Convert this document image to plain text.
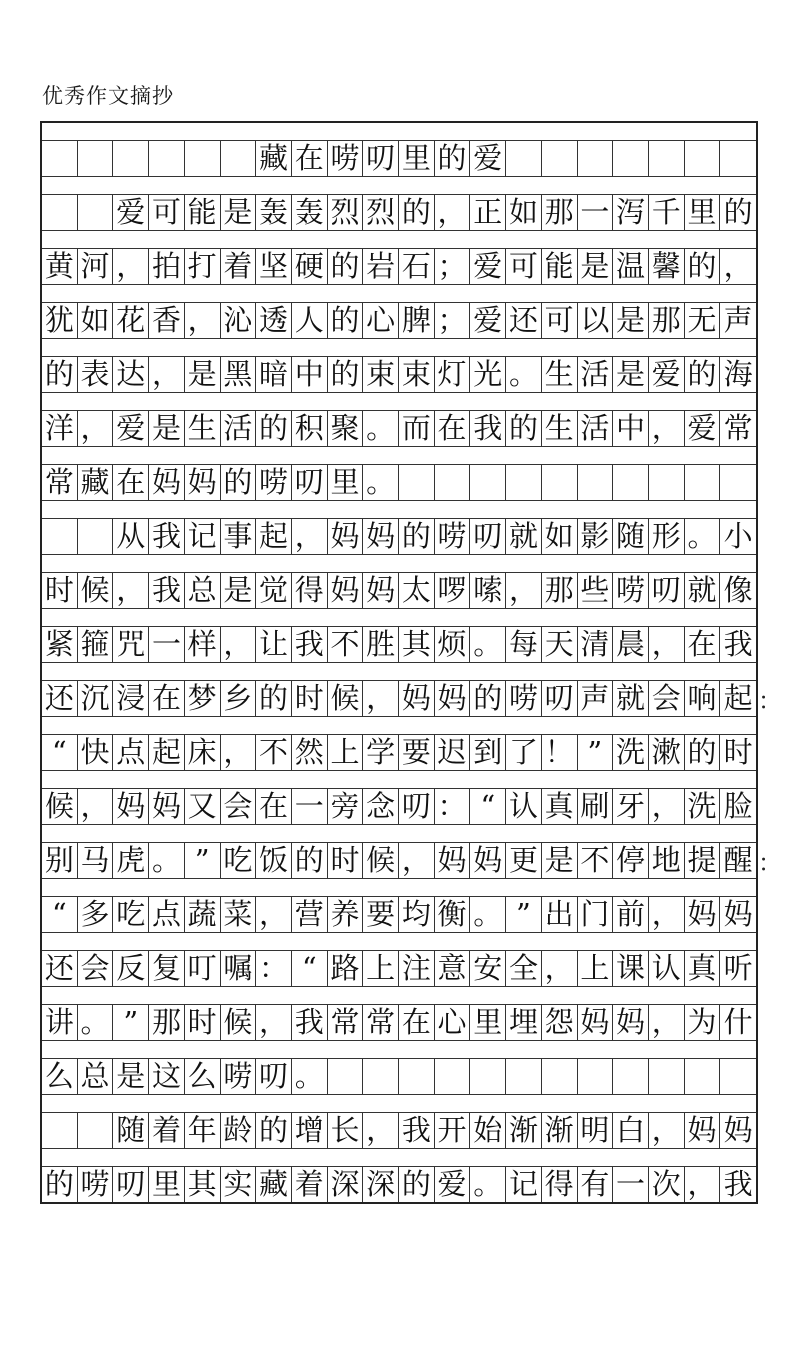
优秀作文摘抄
藏 在 唠 叨 里 的 爱
爱 可 能 是 轰 轰 烈 烈 的 ， 正 如 那 一 泻 千 里 的
黄 河 ， 拍 打 着 坚 硬 的 岩 石 ； 爱 可 能 是 温 馨 的 ，
犹 如 花 香 ， 沁 透 人 的 心 脾 ； 爱 还 可 以 是 那 无 声
的 表 达 ， 是 黑 暗 中 的 束 束 灯 光 。 生 活 是 爱 的 海
洋 ， 爱 是 生 活 的 积 聚 。 而 在 我 的 生 活 中 ， 爱 常
常 藏 在 妈 妈 的 唠 叨 里 。
从 我 记 事 起 ， 妈 妈 的 唠 叨 就 如 影 随 形 。 小
时 候 ， 我 总 是 觉 得 妈 妈 太 啰 嗦 ， 那 些 唠 叨 就 像
紧 箍 咒 一 样 ， 让 我 不 胜 其 烦 。 每 天 清 晨 ， 在 我
还 沉 浸 在 梦 乡 的 时 候 ， 妈 妈 的 唠 叨 声 就 会 响 起 ：
“ 快 点 起 床 ， 不 然 上 学 要 迟 到 了 ！ ” 洗 漱 的 时
候 ， 妈 妈 又 会 在 一 旁 念 叨 ： “ 认 真 刷 牙 ， 洗 脸
别 马 虎 。 ” 吃 饭 的 时 候 ， 妈 妈 更 是 不 停 地 提 醒 ：
“ 多 吃 点 蔬 菜 ， 营 养 要 均 衡 。 ” 出 门 前 ， 妈 妈
还 会 反 复 叮 嘱 ： “ 路 上 注 意 安 全 ， 上 课 认 真 听
讲 。 ” 那 时 候 ， 我 常 常 在 心 里 埋 怨 妈 妈 ， 为 什
么 总 是 这 么 唠 叨 。
随 着 年 龄 的 增 长 ， 我 开 始 渐 渐 明 白 ， 妈 妈
的 唠 叨 里 其 实 藏 着 深 深 的 爱 。 记 得 有 一 次 ， 我
